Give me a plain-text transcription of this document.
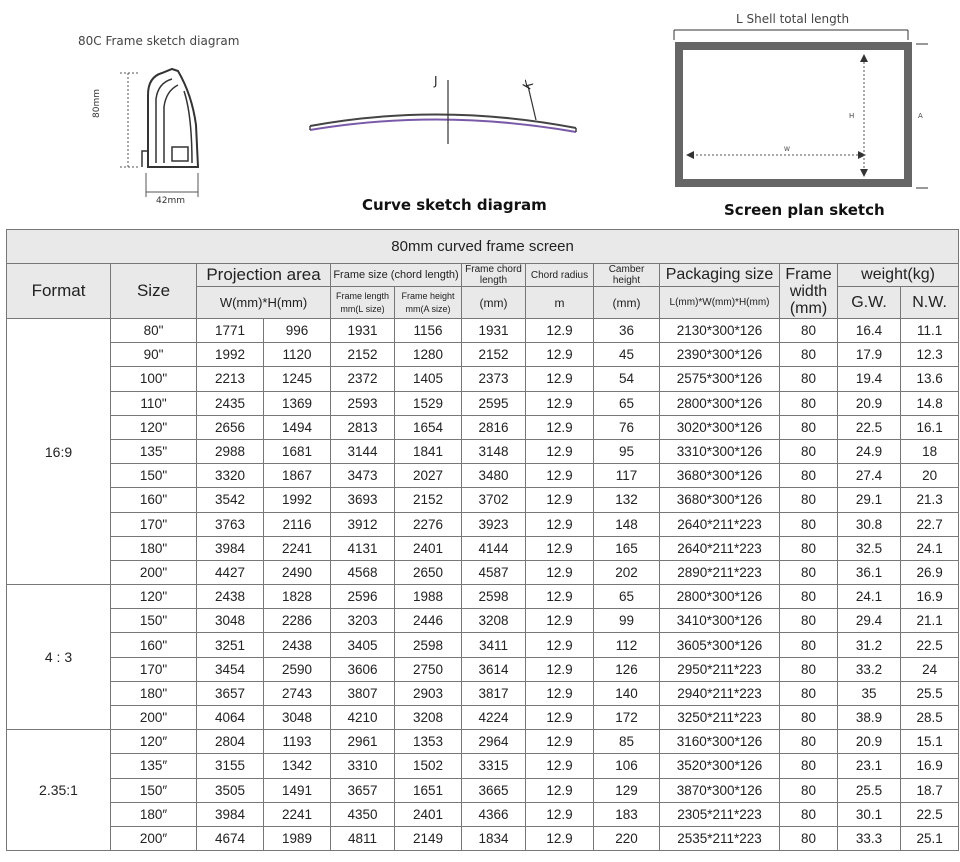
80C Frame sketch diagram
80mm
42mm
J	K
Curve sketch diagram
L Shell total length
W
H	A
Screen plan sketch
80mm curved frame screen												
Format	Size	Projection area		Frame size (chord length)		Frame chord length	Chord radius	Camber height	Packaging size	Frame width (mm)	weight(kg)	
		W(mm)*H(mm)		Frame length mm(L size)	Frame height mm(A size)	(mm)	m	(mm)	L(mm)*W(mm)*H(mm)		G.W.	N.W.
16:9	80"	1771	996	1931	1156	1931	12.9	36	2130*300*126	80	16.4	11.1
	90"	1992	1120	2152	1280	2152	12.9	45	2390*300*126	80	17.9	12.3
	100"	2213	1245	2372	1405	2373	12.9	54	2575*300*126	80	19.4	13.6
	110"	2435	1369	2593	1529	2595	12.9	65	2800*300*126	80	20.9	14.8
	120"	2656	1494	2813	1654	2816	12.9	76	3020*300*126	80	22.5	16.1
	135"	2988	1681	3144	1841	3148	12.9	95	3310*300*126	80	24.9	18
	150"	3320	1867	3473	2027	3480	12.9	117	3680*300*126	80	27.4	20
	160"	3542	1992	3693	2152	3702	12.9	132	3680*300*126	80	29.1	21.3
	170"	3763	2116	3912	2276	3923	12.9	148	2640*211*223	80	30.8	22.7
	180"	3984	2241	4131	2401	4144	12.9	165	2640*211*223	80	32.5	24.1
	200"	4427	2490	4568	2650	4587	12.9	202	2890*211*223	80	36.1	26.9
4 : 3	120"	2438	1828	2596	1988	2598	12.9	65	2800*300*126	80	24.1	16.9
	150"	3048	2286	3203	2446	3208	12.9	99	3410*300*126	80	29.4	21.1
	160"	3251	2438	3405	2598	3411	12.9	112	3605*300*126	80	31.2	22.5
	170"	3454	2590	3606	2750	3614	12.9	126	2950*211*223	80	33.2	24
	180"	3657	2743	3807	2903	3817	12.9	140	2940*211*223	80	35	25.5
	200"	4064	3048	4210	3208	4224	12.9	172	3250*211*223	80	38.9	28.5
2.35:1	120″	2804	1193	2961	1353	2964	12.9	85	3160*300*126	80	20.9	15.1
	135″	3155	1342	3310	1502	3315	12.9	106	3520*300*126	80	23.1	16.9
	150″	3505	1491	3657	1651	3665	12.9	129	3870*300*126	80	25.5	18.7
	180″	3984	2241	4350	2401	4366	12.9	183	2305*211*223	80	30.1	22.5
	200″	4674	1989	4811	2149	1834	12.9	220	2535*211*223	80	33.3	25.1
